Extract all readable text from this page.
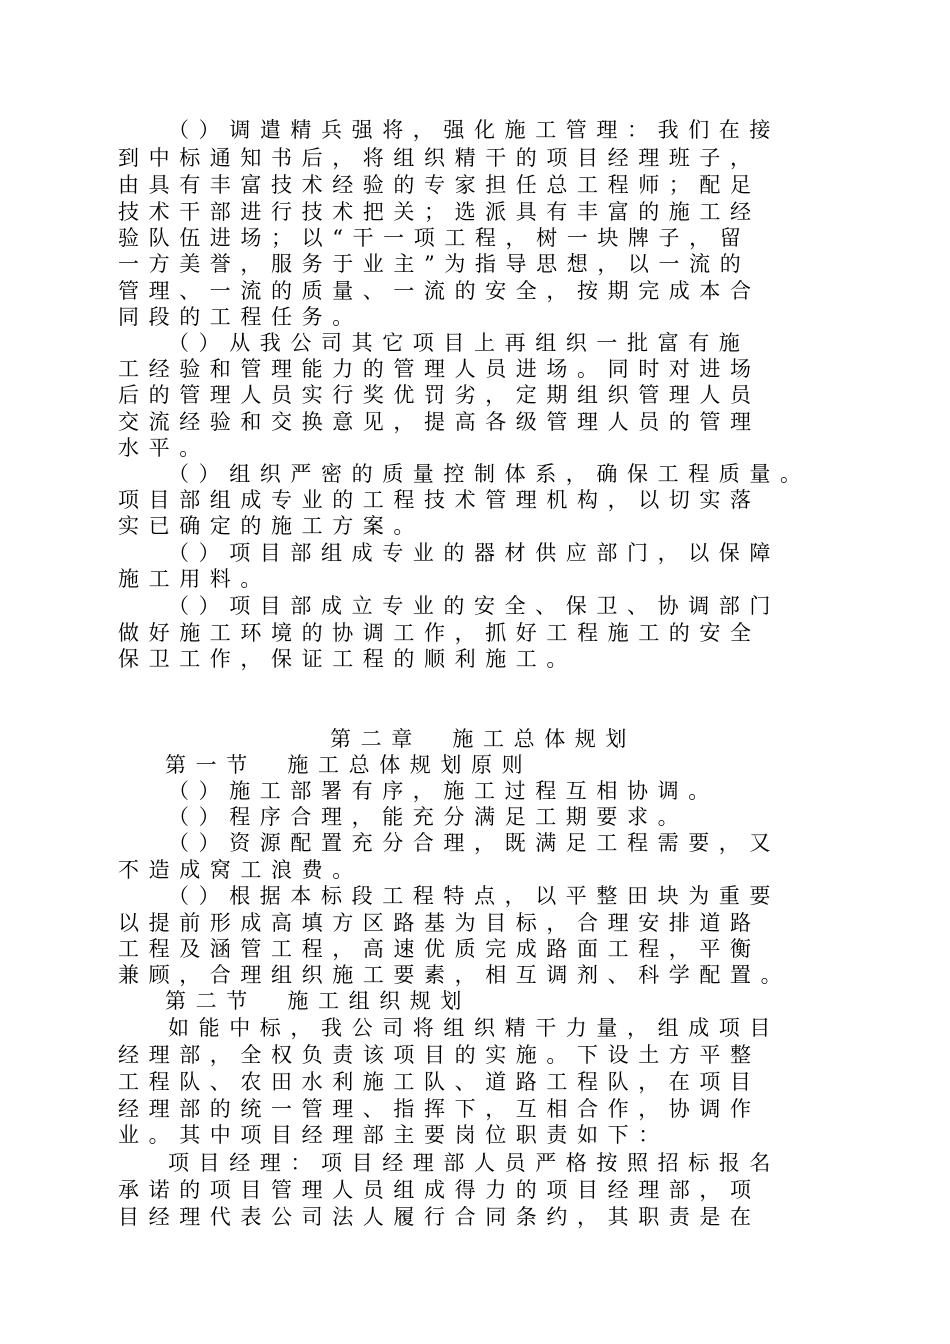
（）调遣精兵强将，强化施工管理：我们在接
到中标通知书后，将组织精干的项目经理班子，
由具有丰富技术经验的专家担任总工程师；配足
技术干部进行技术把关；选派具有丰富的施工经
验队伍进场；以“干一项工程，树一块牌子，留
一方美誉，服务于业主”为指导思想，以一流的
管理、一流的质量、一流的安全，按期完成本合
同段的工程任务。
（）从我公司其它项目上再组织一批富有施
工经验和管理能力的管理人员进场。同时对进场
后的管理人员实行奖优罚劣，定期组织管理人员
交流经验和交换意见，提高各级管理人员的管理
水平。
（）组织严密的质量控制体系，确保工程质量。
项目部组成专业的工程技术管理机构，以切实落
实已确定的施工方案。
（）项目部组成专业的器材供应部门，以保障
施工用料。
（）项目部成立专业的安全、保卫、协调部门
做好施工环境的协调工作，抓好工程施工的安全
保卫工作，保证工程的顺利施工。
第二章　施工总体规划
第一节　施工总体规划原则
（）施工部署有序，施工过程互相协调。
（）程序合理，能充分满足工期要求。
（）资源配置充分合理，既满足工程需要，又
不造成窝工浪费。
（）根据本标段工程特点，以平整田块为重要
以提前形成高填方区路基为目标，合理安排道路
工程及涵管工程，高速优质完成路面工程，平衡
兼顾，合理组织施工要素，相互调剂、科学配置。
第二节　施工组织规划
如能中标，我公司将组织精干力量，组成项目
经理部，全权负责该项目的实施。下设土方平整
工程队、农田水利施工队、道路工程队，在项目
经理部的统一管理、指挥下，互相合作，协调作
业。其中项目经理部主要岗位职责如下：
项目经理：项目经理部人员严格按照招标报名
承诺的项目管理人员组成得力的项目经理部，项
目经理代表公司法人履行合同条约，其职责是在
